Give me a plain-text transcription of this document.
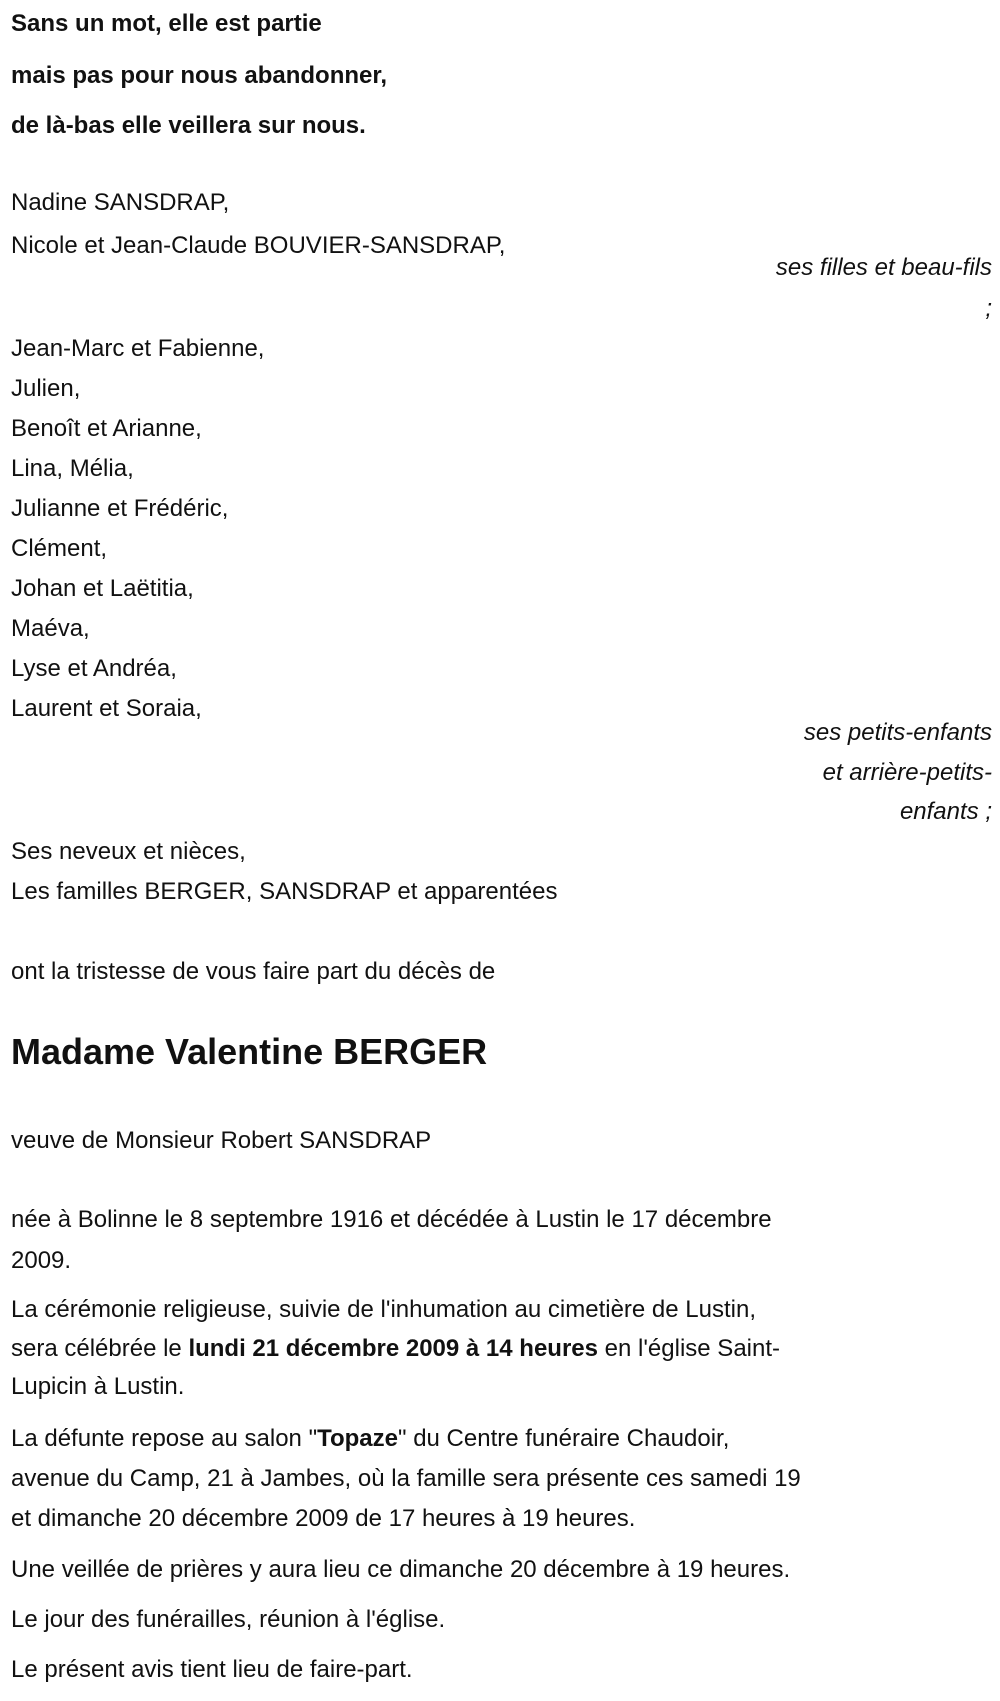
Sans un mot, elle est partie
mais pas pour nous abandonner,
de là-bas elle veillera sur nous.
Nadine SANSDRAP,
Nicole et Jean-Claude BOUVIER-SANSDRAP,
ses filles et beau-fils
;
Jean-Marc et Fabienne,
Julien,
Benoît et Arianne,
Lina, Mélia,
Julianne et Frédéric,
Clément,
Johan et Laëtitia,
Maéva,
Lyse et Andréa,
Laurent et Soraia,
ses petits-enfants
et arrière-petits-
enfants ;
Ses neveux et nièces,
Les familles BERGER, SANSDRAP et apparentées
ont la tristesse de vous faire part du décès de
Madame Valentine BERGER
veuve de Monsieur Robert SANSDRAP
née à Bolinne le 8 septembre 1916 et décédée à Lustin le 17 décembre
2009.
La cérémonie religieuse, suivie de l'inhumation au cimetière de Lustin,
sera célébrée le lundi 21 décembre 2009 à 14 heures en l'église Saint-
Lupicin à Lustin.
La défunte repose au salon "Topaze" du Centre funéraire Chaudoir,
avenue du Camp, 21 à Jambes, où la famille sera présente ces samedi 19
et dimanche 20 décembre 2009 de 17 heures à 19 heures.
Une veillée de prières y aura lieu ce dimanche 20 décembre à 19 heures.
Le jour des funérailles, réunion à l'église.
Le présent avis tient lieu de faire-part.
